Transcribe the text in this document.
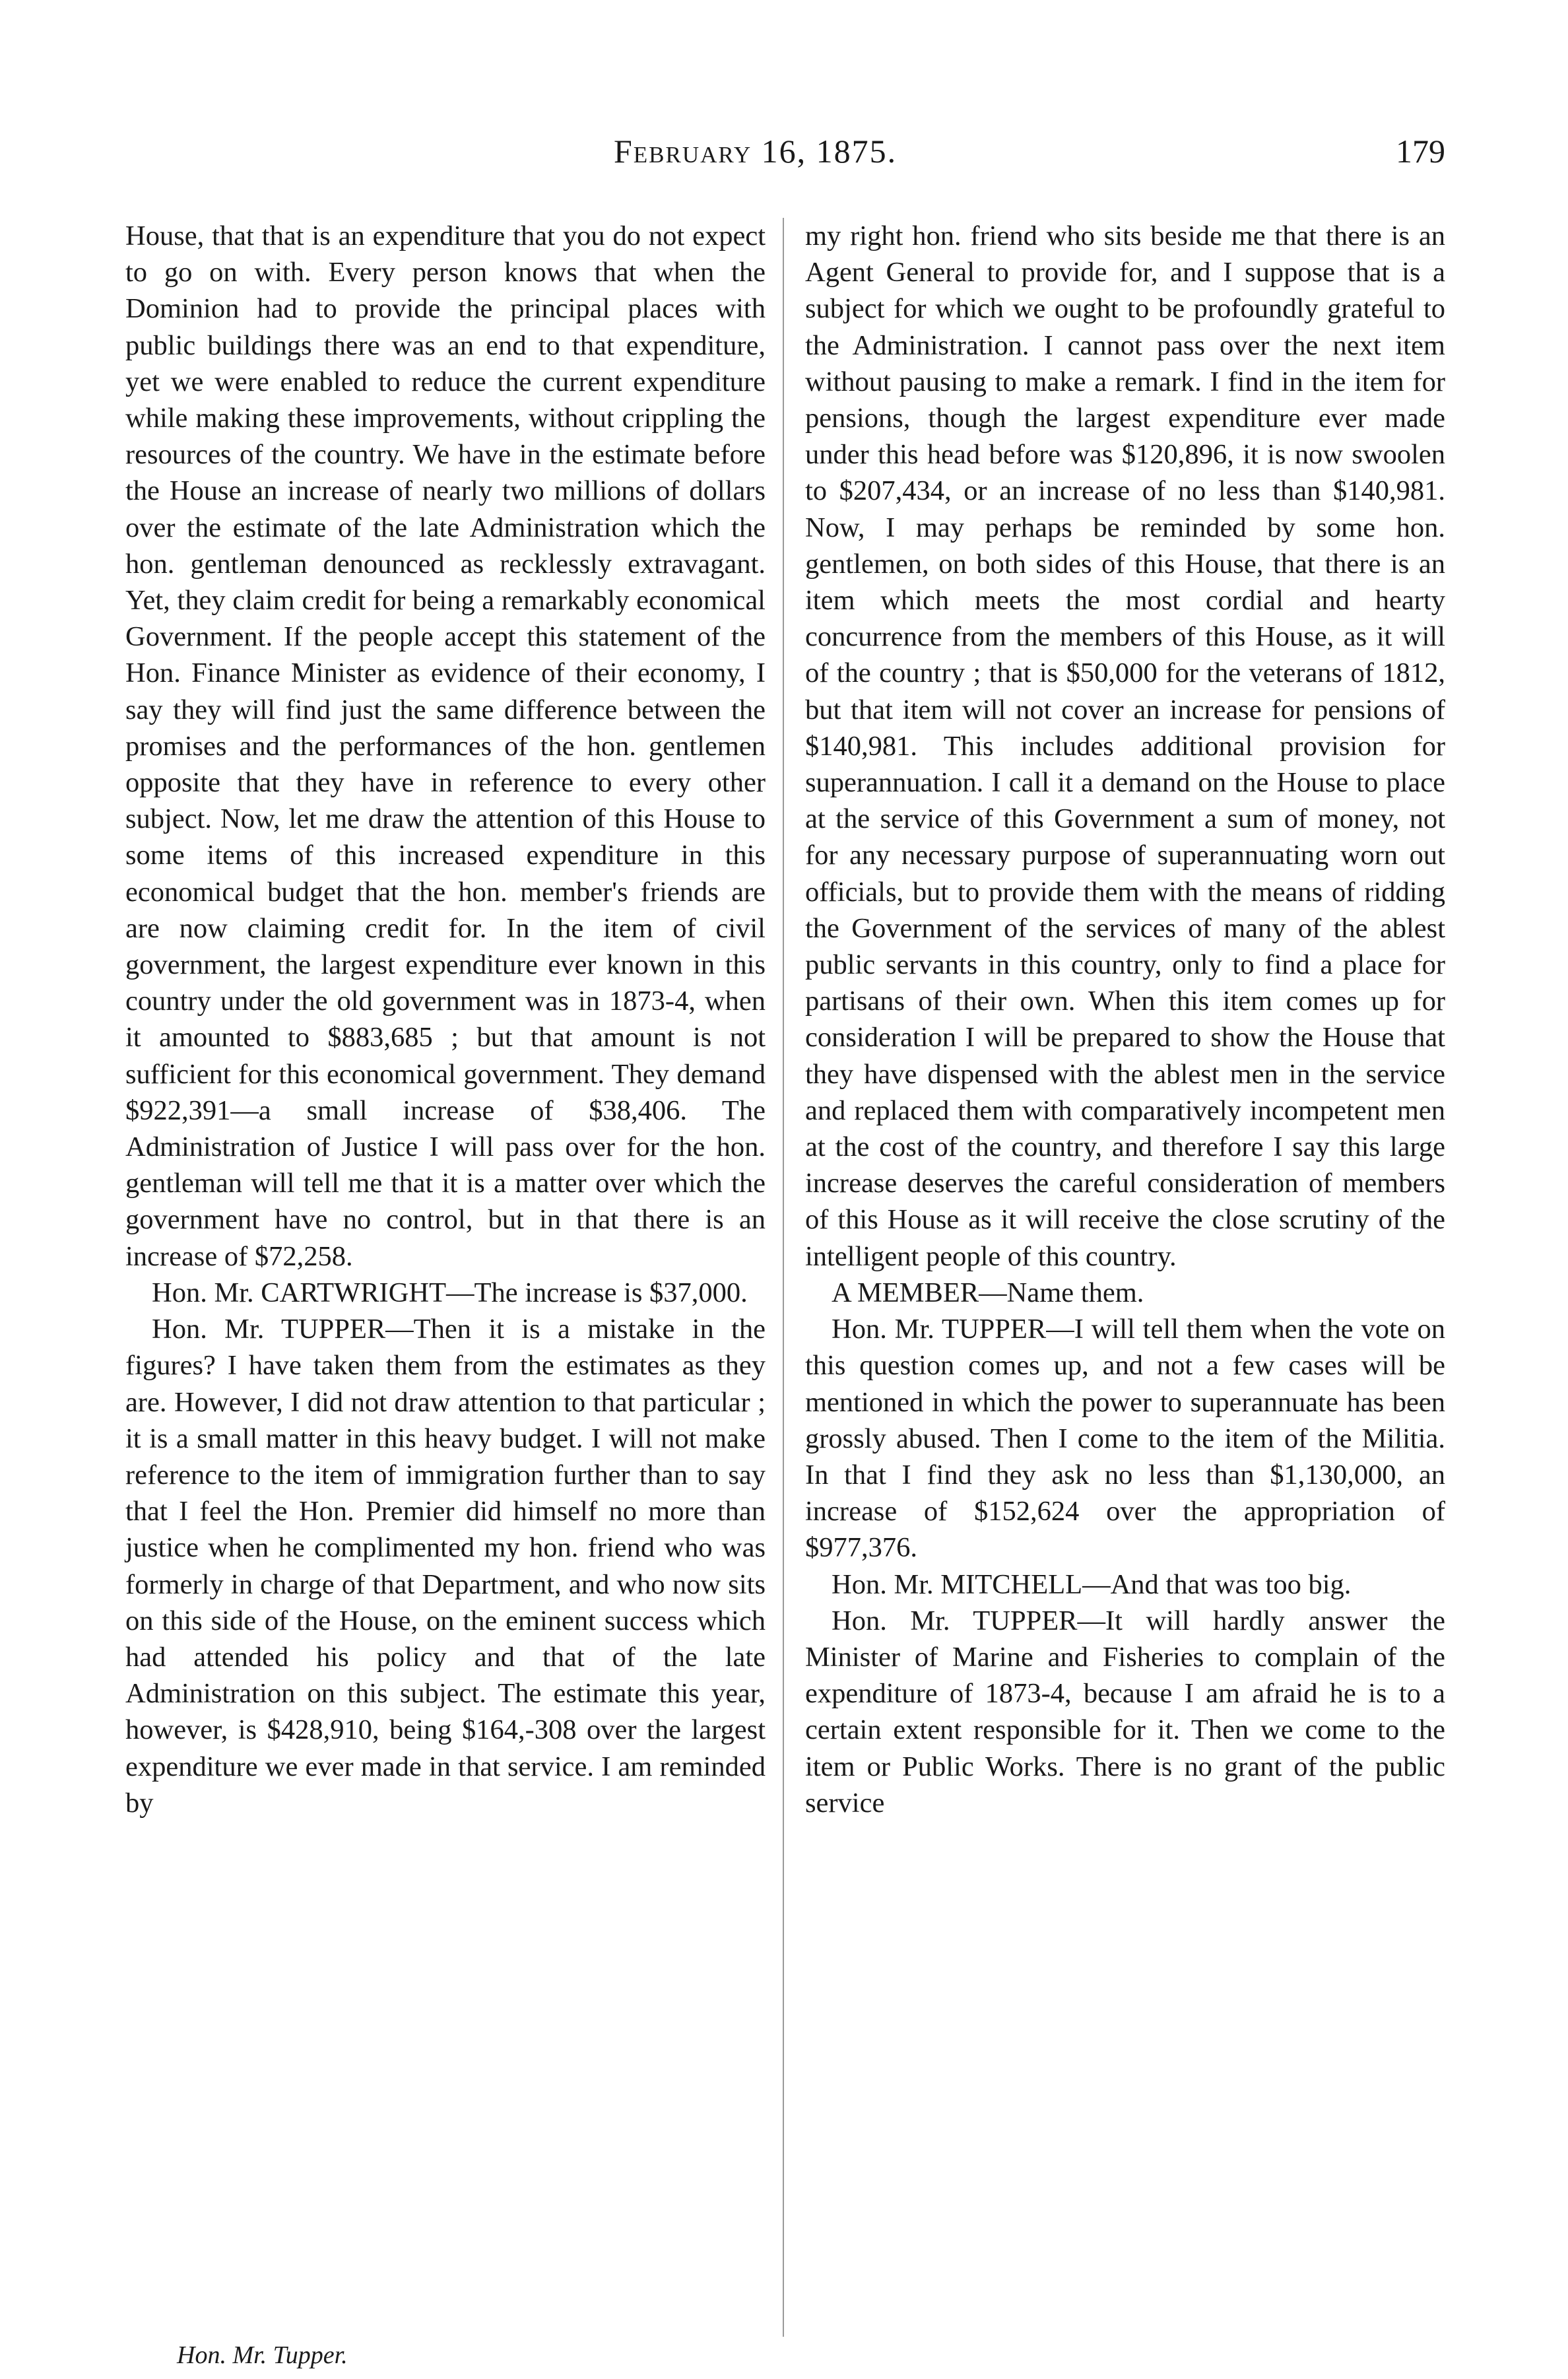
February 16, 1875.	179

House, that that is an expenditure that you do not expect to go on with. Every person knows that when the Dominion had to provide the principal places with public buildings there was an end to that expenditure, yet we were enabled to reduce the current expenditure while making these improvements, without crippling the resources of the country. We have in the estimate before the House an increase of nearly two millions of dollars over the estimate of the late Administration which the hon. gentleman denounced as recklessly extravagant. Yet, they claim credit for being a remarkably economical Government. If the people accept this statement of the Hon. Finance Minister as evidence of their economy, I say they will find just the same difference between the promises and the performances of the hon. gentlemen opposite that they have in reference to every other subject. Now, let me draw the attention of this House to some items of this increased expenditure in this economical budget that the hon. member's friends are are now claiming credit for. In the item of civil government, the largest expenditure ever known in this country under the old government was in 1873-4, when it amounted to $883,685 ; but that amount is not sufficient for this economical government. They demand $922,391—a small increase of $38,406. The Administration of Justice I will pass over for the hon. gentleman will tell me that it is a matter over which the government have no control, but in that there is an increase of $72,258.

Hon. Mr. CARTWRIGHT—The increase is $37,000.

Hon. Mr. TUPPER—Then it is a mistake in the figures? I have taken them from the estimates as they are. However, I did not draw attention to that particular ; it is a small matter in this heavy budget. I will not make reference to the item of immigration further than to say that I feel the Hon. Premier did himself no more than justice when he complimented my hon. friend who was formerly in charge of that Department, and who now sits on this side of the House, on the eminent success which had attended his policy and that of the late Administration on this subject. The estimate this year, however, is $428,910, being $164,-308 over the largest expenditure we ever made in that service. I am reminded by

my right hon. friend who sits beside me that there is an Agent General to provide for, and I suppose that is a subject for which we ought to be profoundly grateful to the Administration. I cannot pass over the next item without pausing to make a remark. I find in the item for pensions, though the largest expenditure ever made under this head before was $120,896, it is now swoolen to $207,434, or an increase of no less than $140,981. Now, I may perhaps be reminded by some hon. gentlemen, on both sides of this House, that there is an item which meets the most cordial and hearty concurrence from the members of this House, as it will of the country ; that is $50,000 for the veterans of 1812, but that item will not cover an increase for pensions of $140,981. This includes additional provision for superannuation. I call it a demand on the House to place at the service of this Government a sum of money, not for any necessary purpose of superannuating worn out officials, but to provide them with the means of ridding the Government of the services of many of the ablest public servants in this country, only to find a place for partisans of their own. When this item comes up for consideration I will be prepared to show the House that they have dispensed with the ablest men in the service and replaced them with comparatively incompetent men at the cost of the country, and therefore I say this large increase deserves the careful consideration of members of this House as it will receive the close scrutiny of the intelligent people of this country.

A MEMBER—Name them.

Hon. Mr. TUPPER—I will tell them when the vote on this question comes up, and not a few cases will be mentioned in which the power to superannuate has been grossly abused. Then I come to the item of the Militia. In that I find they ask no less than $1,130,000, an increase of $152,624 over the appropriation of $977,376.

Hon. Mr. MITCHELL—And that was too big.

Hon. Mr. TUPPER—It will hardly answer the Minister of Marine and Fisheries to complain of the expenditure of 1873-4, because I am afraid he is to a certain extent responsible for it. Then we come to the item or Public Works. There is no grant of the public service

Hon. Mr. Tupper.
